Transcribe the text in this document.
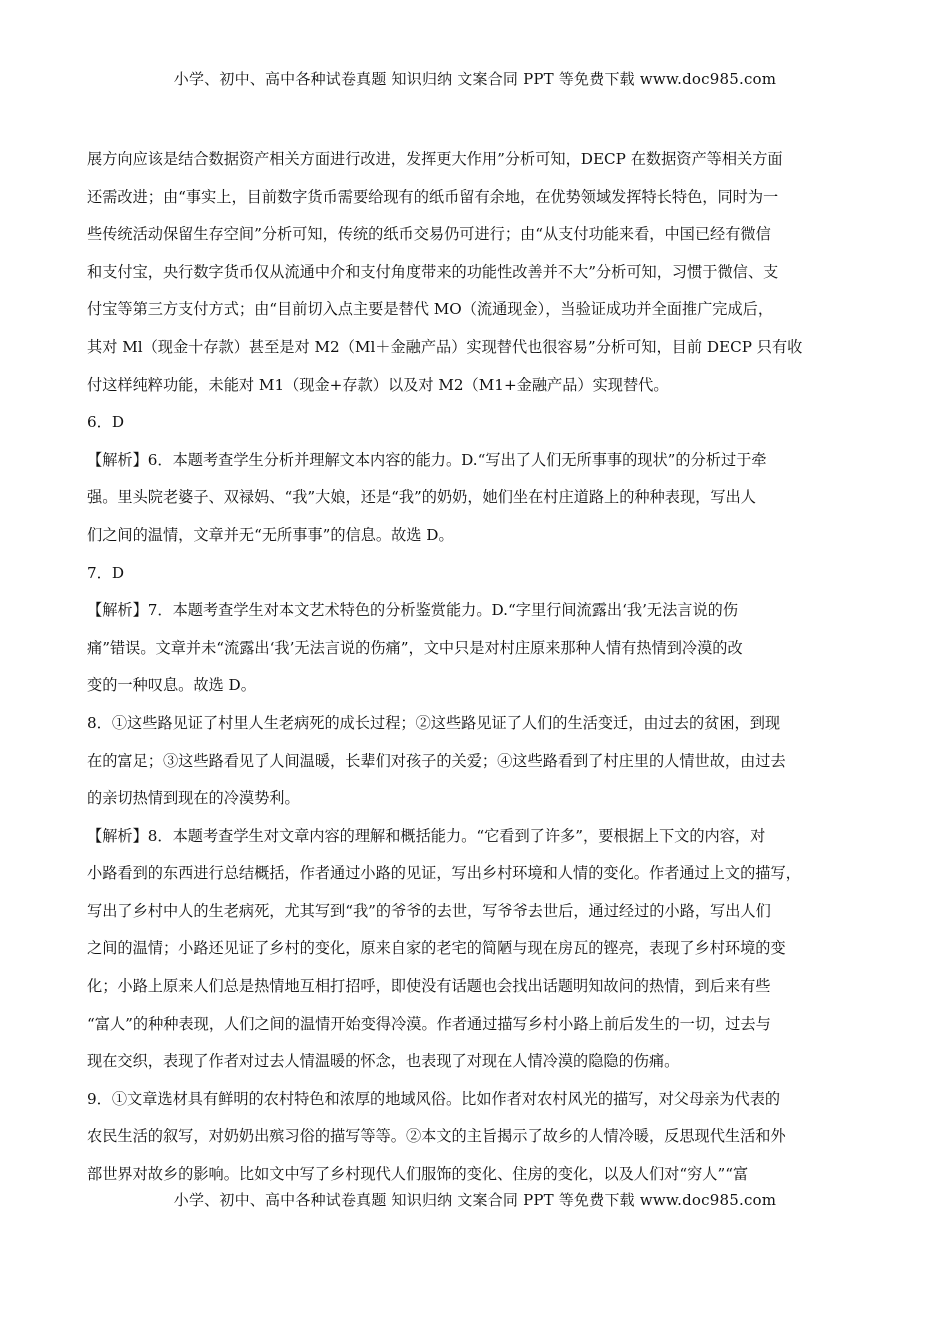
小学、初中、高中各种试卷真题 知识归纳 文案合同 PPT 等免费下载 www.doc985.com
展方向应该是结合数据资产相关方面进行改进，发挥更大作用”分析可知，DECP 在数据资产等相关方面
还需改进；由“事实上，目前数字货币需要给现有的纸币留有余地，在优势领域发挥特长特色，同时为一
些传统活动保留生存空间”分析可知，传统的纸币交易仍可进行；由“从支付功能来看，中国已经有微信
和支付宝，央行数字货币仅从流通中介和支付角度带来的功能性改善并不大”分析可知，习惯于微信、支
付宝等第三方支付方式；由“目前切入点主要是替代 MO（流通现金），当验证成功并全面推广完成后，
其对 Ml（现金十存款）甚至是对 M2（Ml＋金融产品）实现替代也很容易”分析可知，目前 DECP 只有收
付这样纯粹功能，未能对 M1（现金+存款）以及对 M2（M1+金融产品）实现替代。
6．D
【解析】6．本题考查学生分析并理解文本内容的能力。D.“写出了人们无所事事的现状”的分析过于牵
强。里头院老婆子、双禄妈、“我”大娘，还是“我”的奶奶，她们坐在村庄道路上的种种表现，写出人
们之间的温情，文章并无“无所事事”的信息。故选 D。
7．D
【解析】7．本题考查学生对本文艺术特色的分析鉴赏能力。D.“字里行间流露出‘我’无法言说的伤
痛”错误。文章并未“流露出‘我’无法言说的伤痛”，文中只是对村庄原来那种人情有热情到冷漠的改
变的一种叹息。故选 D。
8．①这些路见证了村里人生老病死的成长过程；②这些路见证了人们的生活变迁，由过去的贫困，到现
在的富足；③这些路看见了人间温暖，长辈们对孩子的关爱；④这些路看到了村庄里的人情世故，由过去
的亲切热情到现在的冷漠势利。
【解析】8．本题考查学生对文章内容的理解和概括能力。“它看到了许多”，要根据上下文的内容，对
小路看到的东西进行总结概括，作者通过小路的见证，写出乡村环境和人情的变化。作者通过上文的描写，
写出了乡村中人的生老病死，尤其写到“我”的爷爷的去世，写爷爷去世后，通过经过的小路，写出人们
之间的温情；小路还见证了乡村的变化，原来自家的老宅的简陋与现在房瓦的铿亮，表现了乡村环境的变
化；小路上原来人们总是热情地互相打招呼，即使没有话题也会找出话题明知故问的热情，到后来有些
“富人”的种种表现，人们之间的温情开始变得冷漠。作者通过描写乡村小路上前后发生的一切，过去与
现在交织，表现了作者对过去人情温暖的怀念，也表现了对现在人情冷漠的隐隐的伤痛。
9．①文章选材具有鲜明的农村特色和浓厚的地域风俗。比如作者对农村风光的描写，对父母亲为代表的
农民生活的叙写，对奶奶出殡习俗的描写等等。②本文的主旨揭示了故乡的人情冷暖，反思现代生活和外
部世界对故乡的影响。比如文中写了乡村现代人们服饰的变化、住房的变化，以及人们对“穷人”“富
小学、初中、高中各种试卷真题 知识归纳 文案合同 PPT 等免费下载 www.doc985.com
